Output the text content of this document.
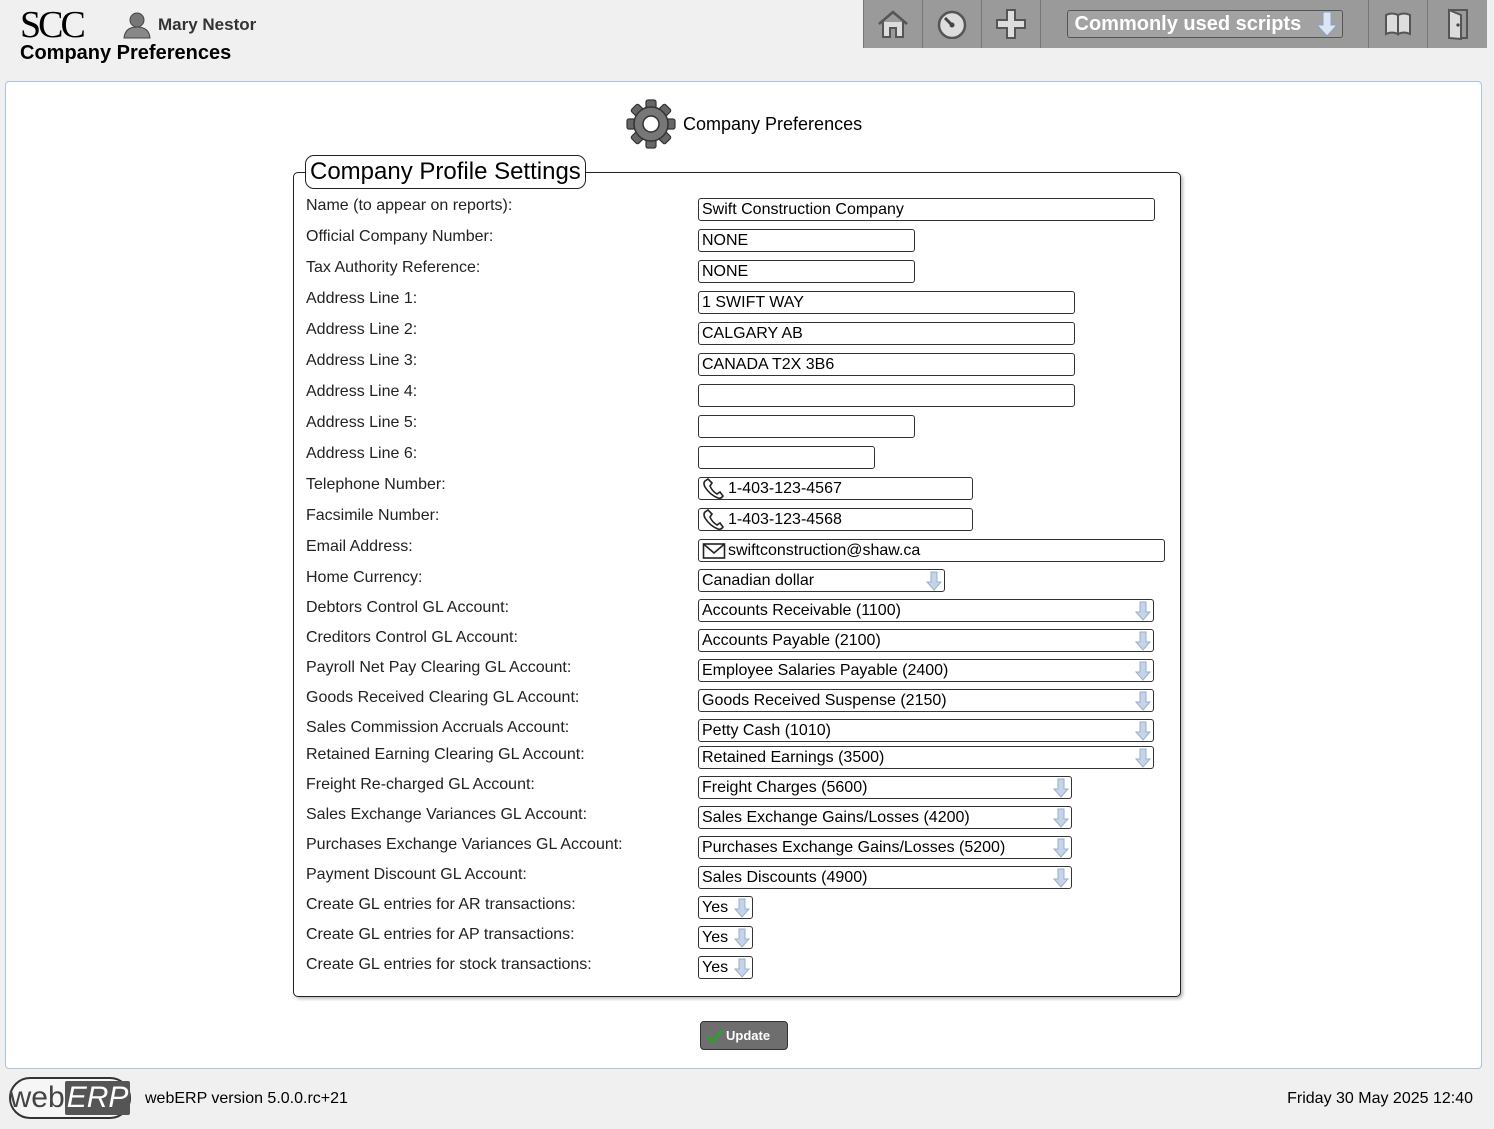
SCC	Mary Nestor
Company Preferences
Commonly used scripts
Company Preferences
Company Profile Settings
Name (to appear on reports):	Swift Construction Company
Official Company Number:	NONE
Tax Authority Reference:	NONE
Address Line 1:	1 SWIFT WAY
Address Line 2:	CALGARY AB
Address Line 3:	CANADA T2X 3B6
Address Line 4:
Address Line 5:
Address Line 6:
Telephone Number:	1-403-123-4567
Facsimile Number:	1-403-123-4568
Email Address:	swiftconstruction@shaw.ca
Home Currency:	Canadian dollar
Debtors Control GL Account:	Accounts Receivable (1100)
Creditors Control GL Account:	Accounts Payable (2100)
Payroll Net Pay Clearing GL Account:	Employee Salaries Payable (2400)
Goods Received Clearing GL Account:	Goods Received Suspense (2150)
Sales Commission Accruals Account:	Petty Cash (1010)
Retained Earning Clearing GL Account:	Retained Earnings (3500)
Freight Re-charged GL Account:	Freight Charges (5600)
Sales Exchange Variances GL Account:	Sales Exchange Gains/Losses (4200)
Purchases Exchange Variances GL Account:	Purchases Exchange Gains/Losses (5200)
Payment Discount GL Account:	Sales Discounts (4900)
Create GL entries for AR transactions:	Yes
Create GL entries for AP transactions:	Yes
Create GL entries for stock transactions:	Yes
Update
web ERP webERP version 5.0.0.rc+21	Friday 30 May 2025 12:40
